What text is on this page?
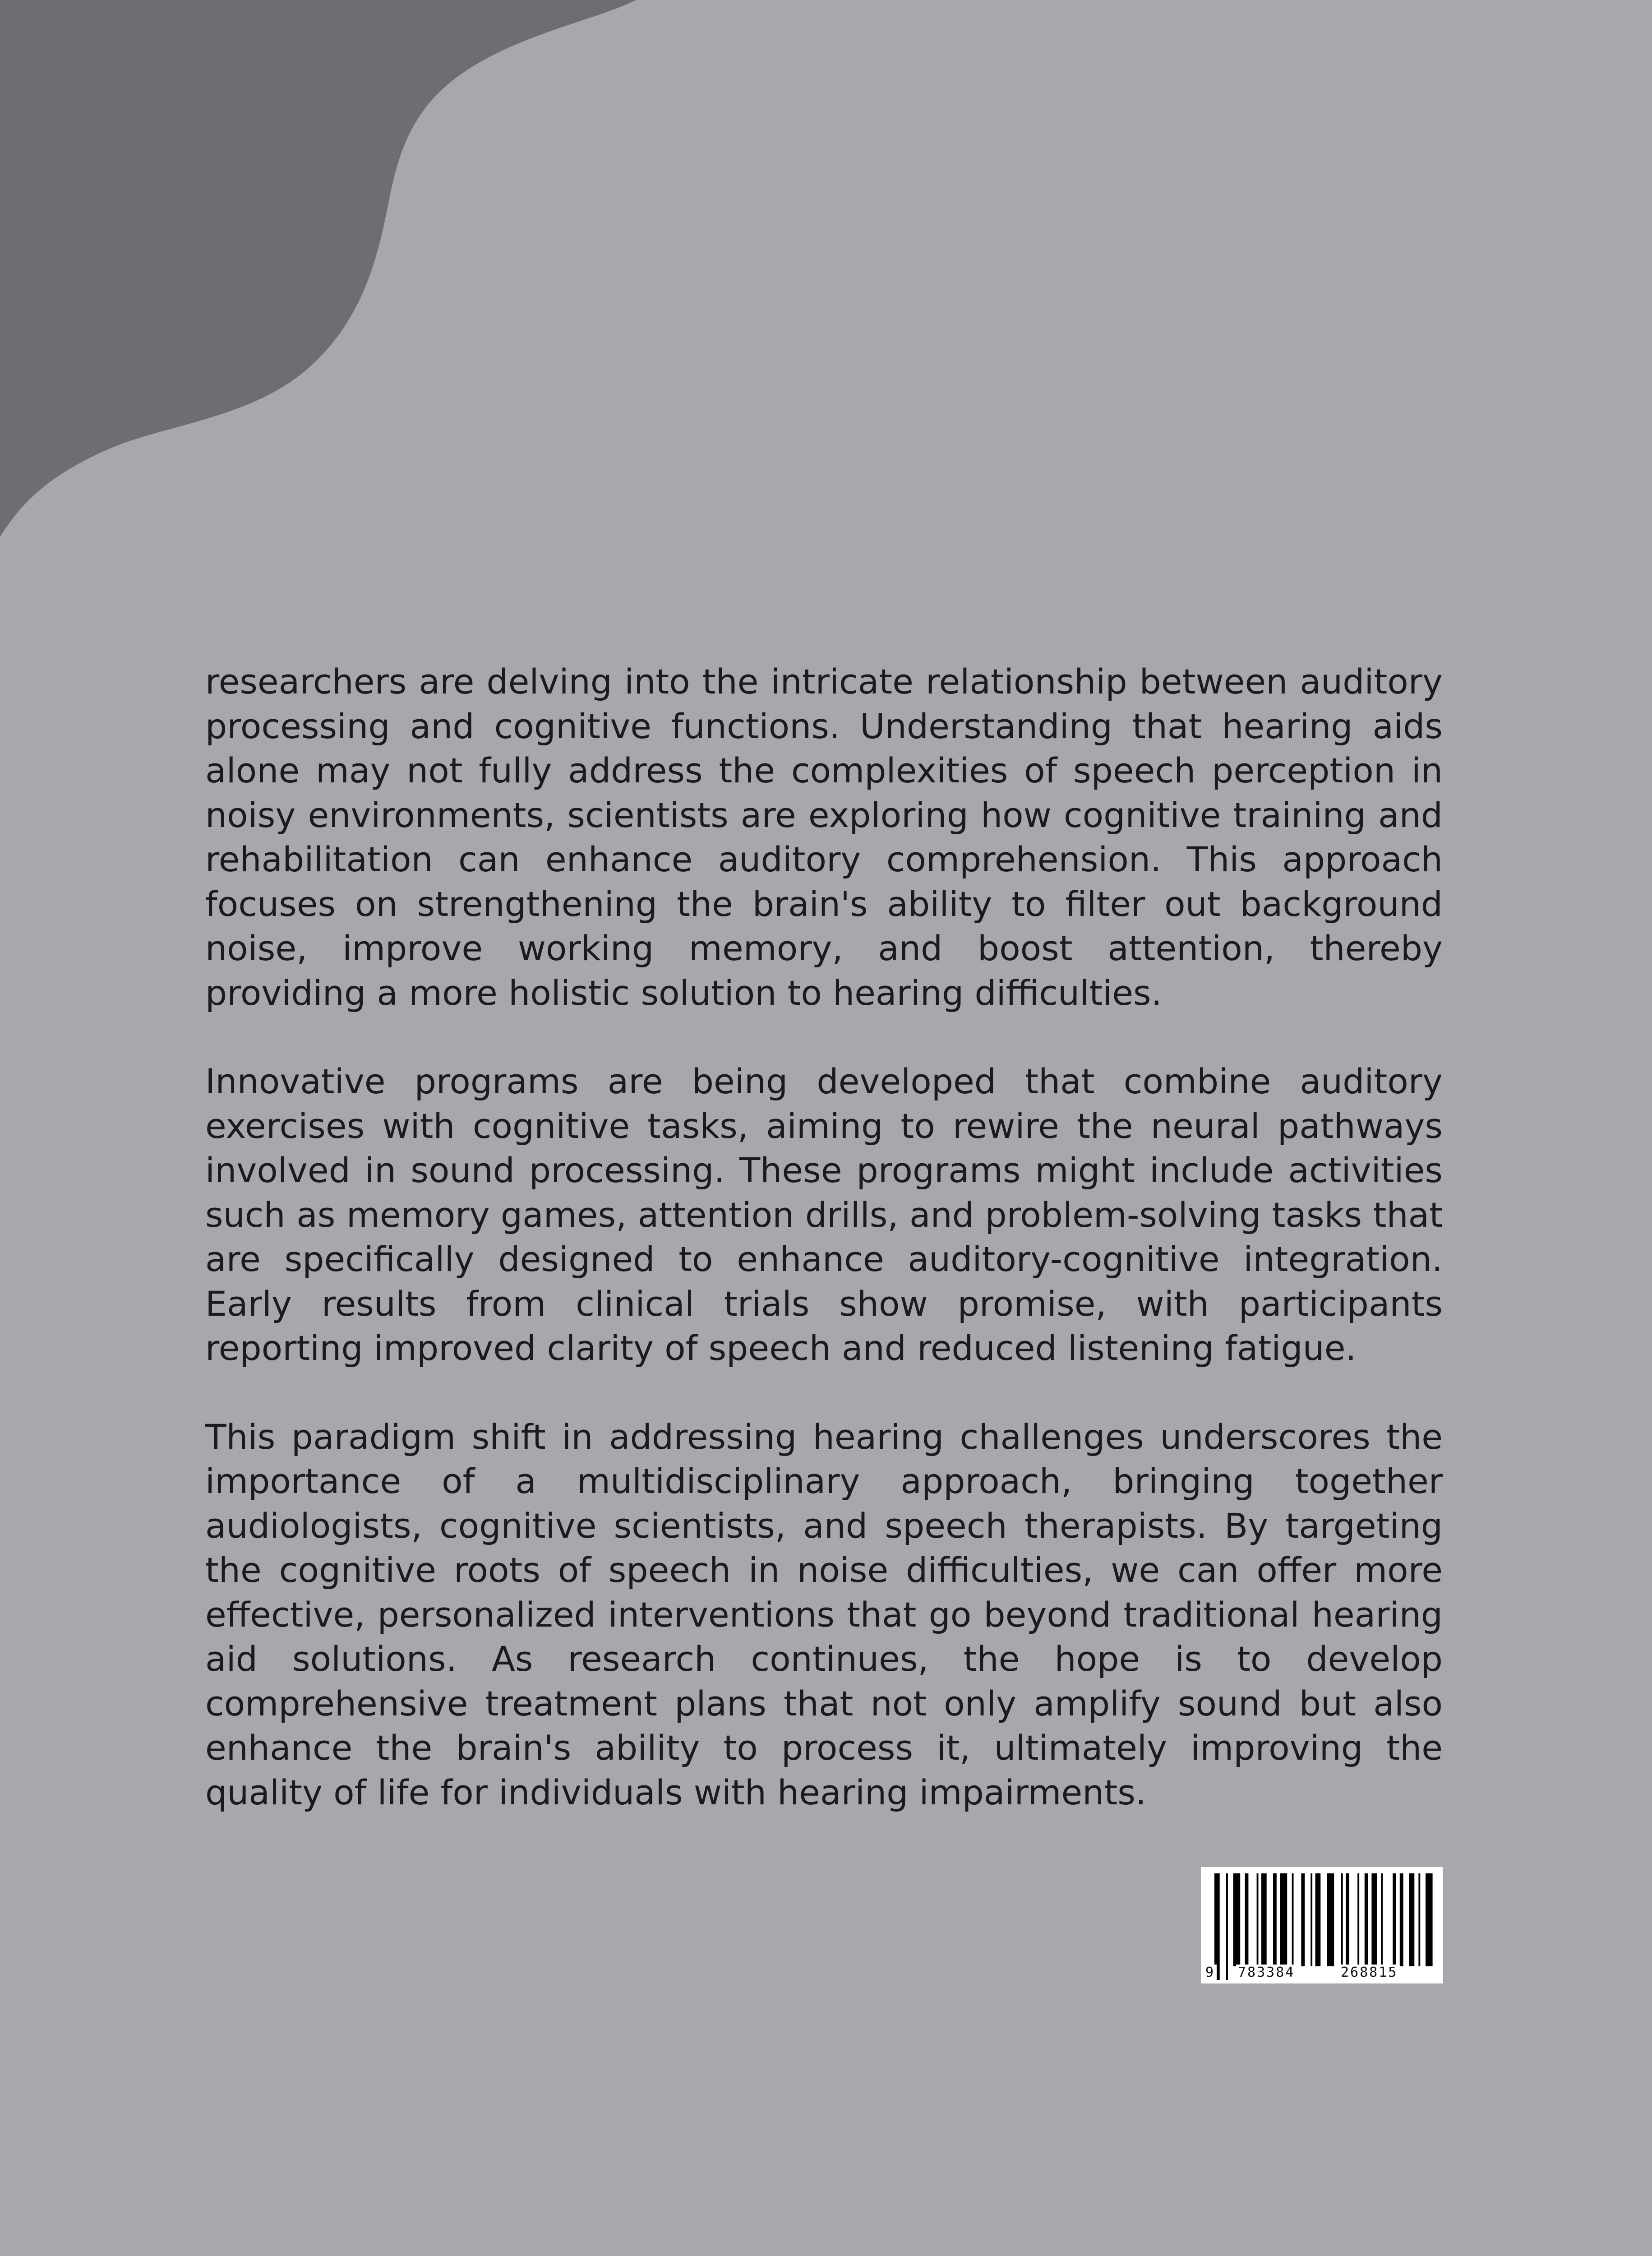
researchers are delving into the intricate relationship between auditory processing and cognitive functions. Understanding that hearing aids alone may not fully address the complexities of speech perception in noisy environments, scientists are exploring how cognitive training and rehabilitation can enhance auditory comprehension. This approach focuses on strengthening the brain's ability to filter out background noise, improve working memory, and boost attention, thereby providing a more holistic solution to hearing difficulties.

Innovative programs are being developed that combine auditory exercises with cognitive tasks, aiming to rewire the neural pathways involved in sound processing. These programs might include activities such as memory games, attention drills, and problem-solving tasks that are specifically designed to enhance auditory-cognitive integration. Early results from clinical trials show promise, with participants reporting improved clarity of speech and reduced listening fatigue.

This paradigm shift in addressing hearing challenges underscores the importance of a multidisciplinary approach, bringing together audiologists, cognitive scientists, and speech therapists. By targeting the cognitive roots of speech in noise difficulties, we can offer more effective, personalized interventions that go beyond traditional hearing aid solutions. As research continues, the hope is to develop comprehensive treatment plans that not only amplify sound but also enhance the brain's ability to process it, ultimately improving the quality of life for individuals with hearing impairments.

9 783384	268815
